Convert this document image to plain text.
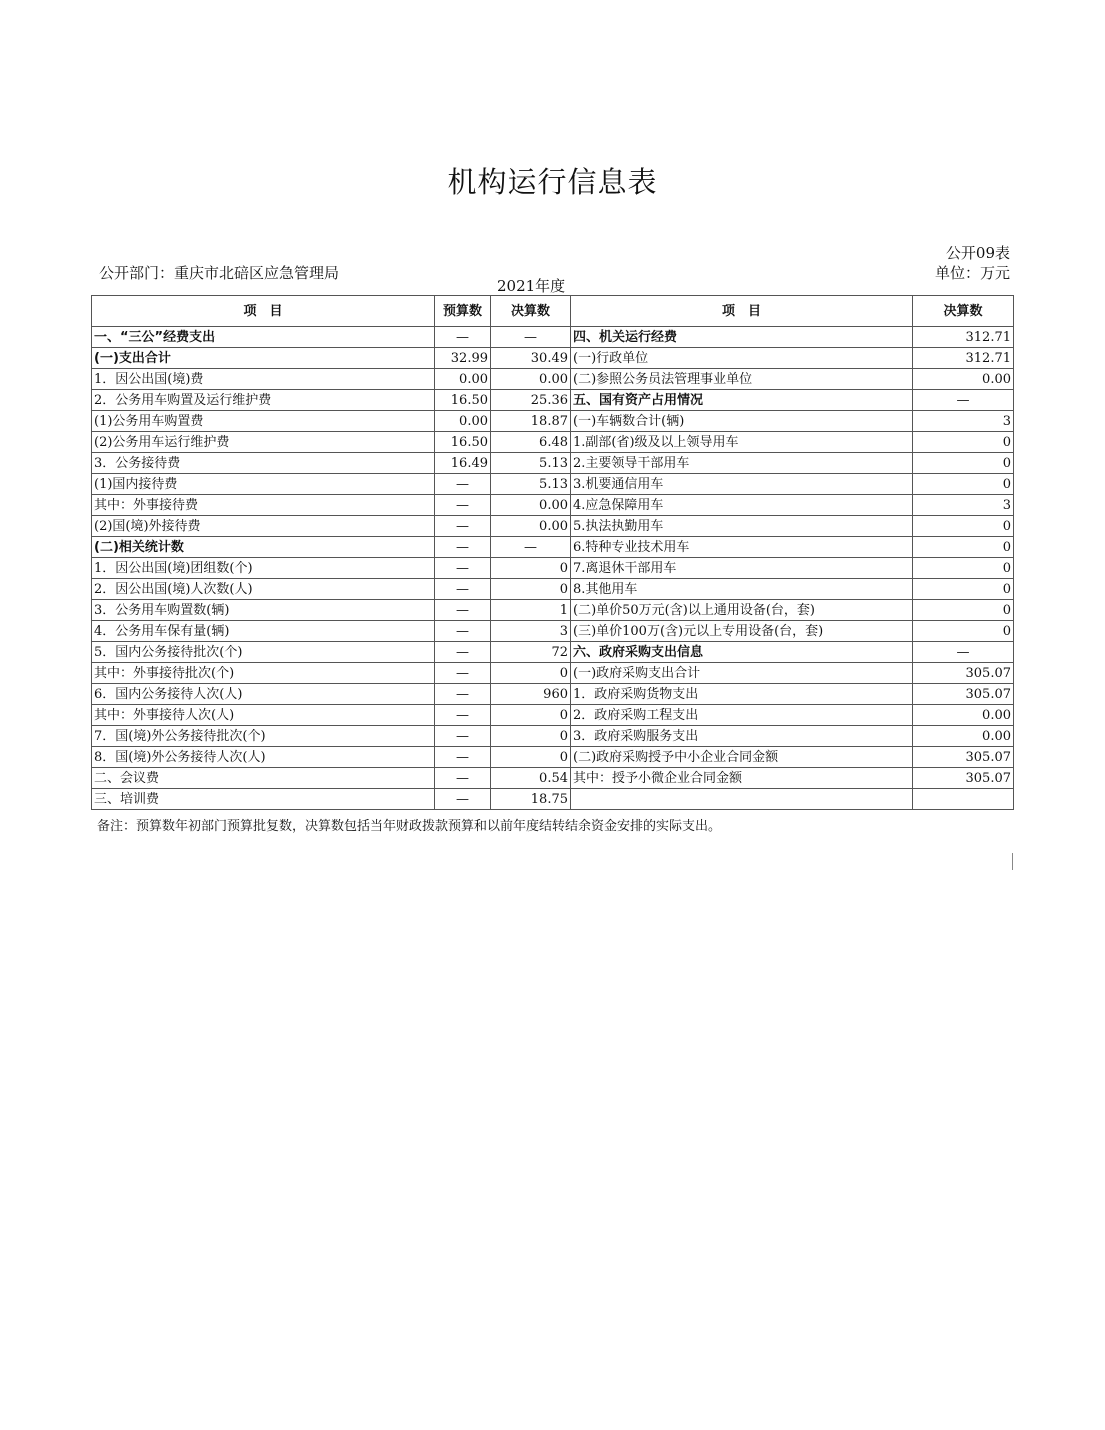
机构运行信息表
公开09表
公开部门：重庆市北碚区应急管理局
2021年度
单位：万元
项　目	预算数	决算数	项　目	决算数
一、“三公”经费支出	—	—	四、机关运行经费	312.71
(一)支出合计	32.99	30.49	(一)行政单位	312.71
1．因公出国(境)费	0.00	0.00	(二)参照公务员法管理事业单位	0.00
2．公务用车购置及运行维护费	16.50	25.36	五、国有资产占用情况	—
(1)公务用车购置费	0.00	18.87	(一)车辆数合计(辆)	3
(2)公务用车运行维护费	16.50	6.48	1.副部(省)级及以上领导用车	0
3．公务接待费	16.49	5.13	2.主要领导干部用车	0
(1)国内接待费	—	5.13	3.机要通信用车	0
其中：外事接待费	—	0.00	4.应急保障用车	3
(2)国(境)外接待费	—	0.00	5.执法执勤用车	0
(二)相关统计数	—	—	6.特种专业技术用车	0
1．因公出国(境)团组数(个)	—	0	7.离退休干部用车	0
2．因公出国(境)人次数(人)	—	0	8.其他用车	0
3．公务用车购置数(辆)	—	1	(二)单价50万元(含)以上通用设备(台，套)	0
4．公务用车保有量(辆)	—	3	(三)单价100万(含)元以上专用设备(台，套)	0
5．国内公务接待批次(个)	—	72	六、政府采购支出信息	—
其中：外事接待批次(个)	—	0	(一)政府采购支出合计	305.07
6．国内公务接待人次(人)	—	960	1．政府采购货物支出	305.07
其中：外事接待人次(人)	—	0	2．政府采购工程支出	0.00
7．国(境)外公务接待批次(个)	—	0	3．政府采购服务支出	0.00
8．国(境)外公务接待人次(人)	—	0	(二)政府采购授予中小企业合同金额	305.07
二、会议费	—	0.54	其中：授予小微企业合同金额	305.07
三、培训费	—	18.75		
备注：预算数年初部门预算批复数，决算数包括当年财政拨款预算和以前年度结转结余资金安排的实际支出。
